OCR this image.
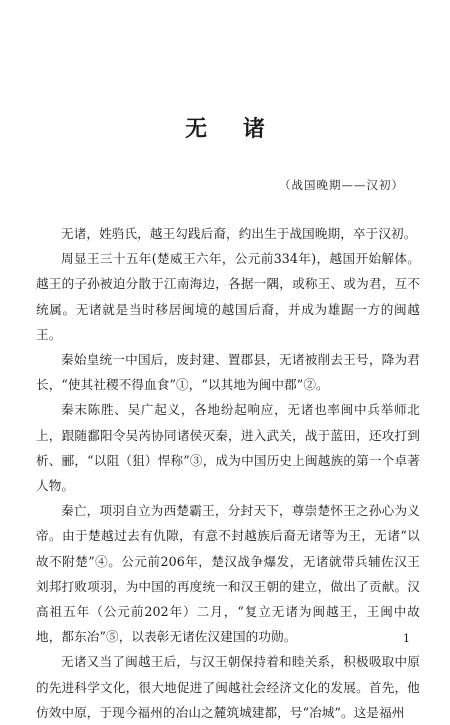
无 诸
（战国晚期——汉初）

无诸，姓驺氏，越王勾践后裔，约出生于战国晚期，卒于汉初。

周显王三十五年(楚威王六年，公元前334年)，越国开始解体。越王的子孙被迫分散于江南海边，各据一隅，或称王、或为君，互不统属。无诸就是当时移居闽境的越国后裔，并成为雄踞一方的闽越王。

秦始皇统一中国后，废封建、置郡县，无诸被削去王号，降为君长，“使其社稷不得血食”①，“以其地为闽中郡”②。

秦末陈胜、吴广起义，各地纷起响应，无诸也率闽中兵举师北上，跟随鄱阳令吴芮协同诸侯灭秦，进入武关，战于蓝田，还攻打到析、郦，“以阻（狙）悍称”③，成为中国历史上闽越族的第一个卓著人物。

秦亡，项羽自立为西楚霸王，分封天下，尊崇楚怀王之孙心为义帝。由于楚越过去有仇隙，有意不封越族后裔无诸等为王，无诸“以故不附楚”④。公元前206年，楚汉战争爆发，无诸就带兵辅佐汉王刘邦打败项羽，为中国的再度统一和汉王朝的建立，做出了贡献。汉高祖五年（公元前202年）二月，“复立无诸为闽越王，王闽中故地，都东冶”⑤，以表彰无诸佐汉建国的功勋。

无诸又当了闽越王后，与汉王朝保持着和睦关系，积极吸取中原的先进科学文化，很大地促进了闽越社会经济文化的发展。首先，他仿效中原，于现今福州的冶山之麓筑城建都，号“冶城”。这是福州

1
